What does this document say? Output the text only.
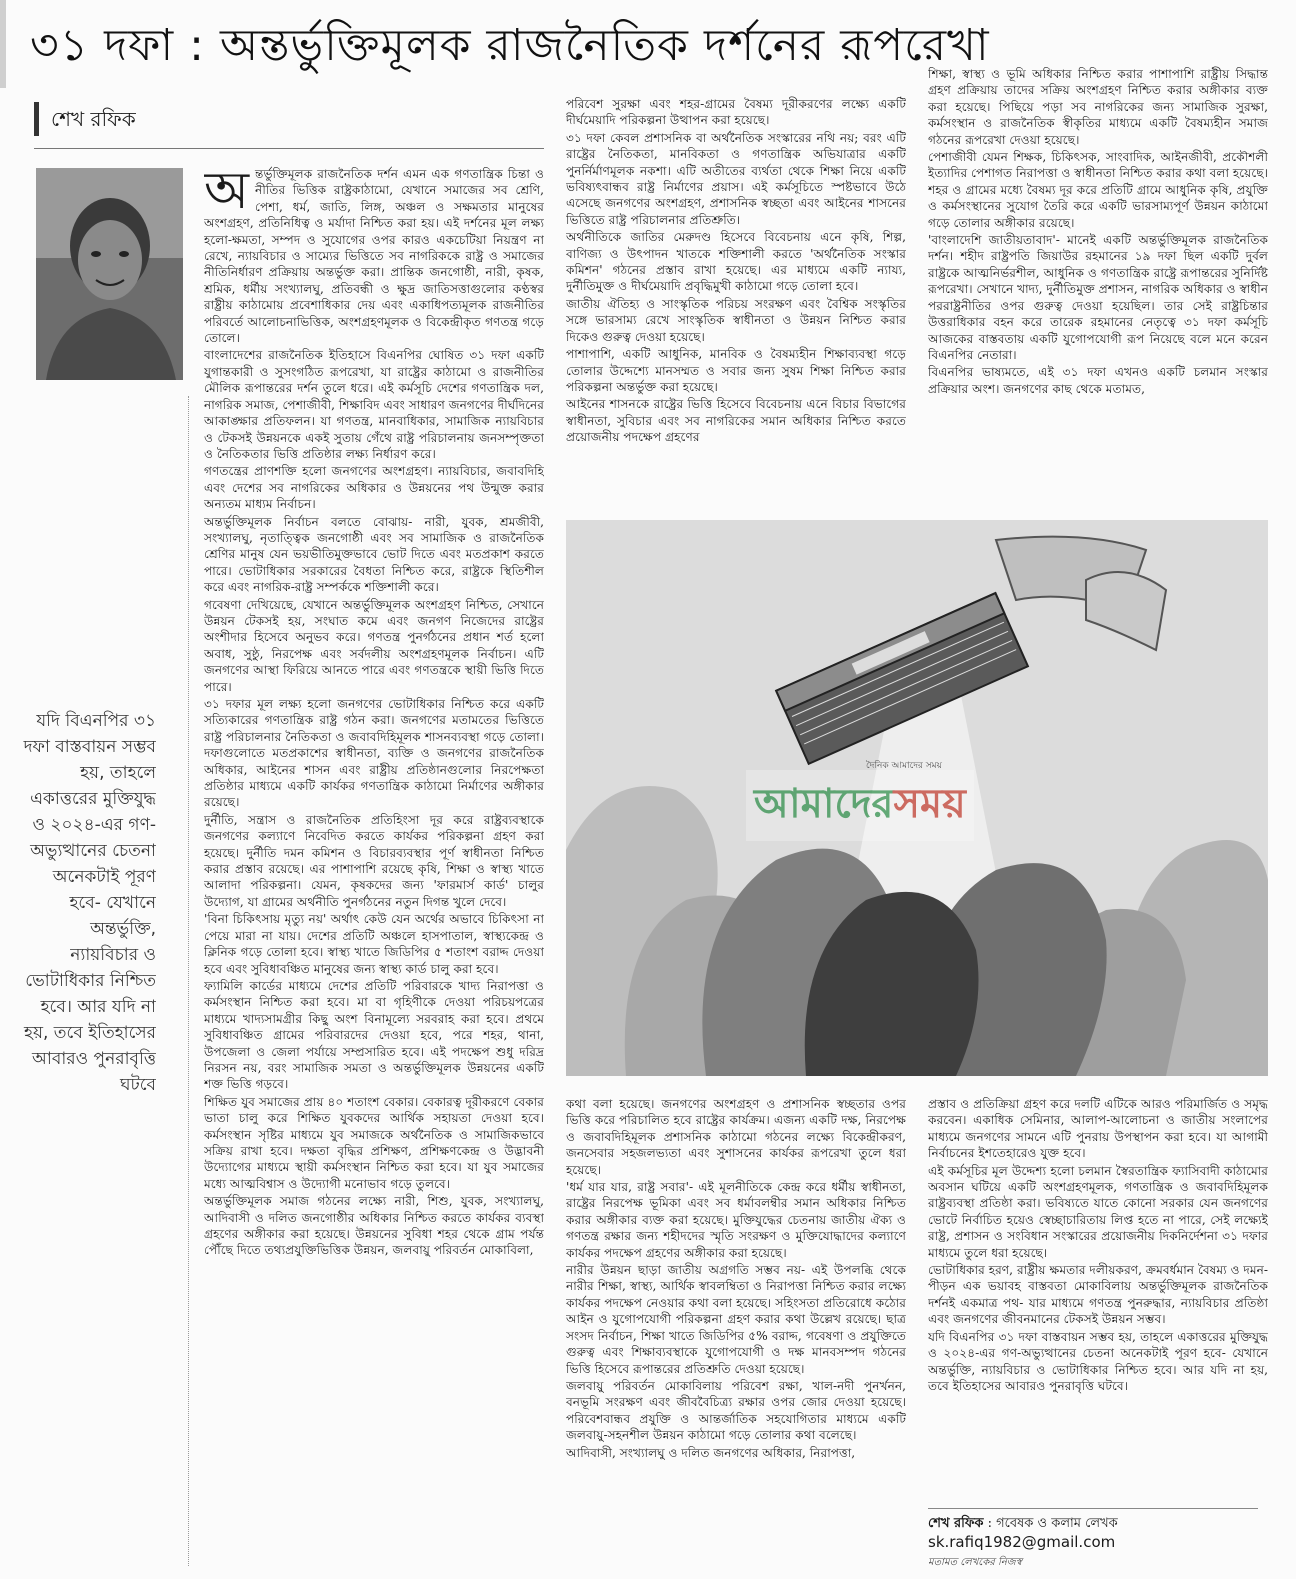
৩১ দফা : অন্তর্ভুক্তিমূলক রাজনৈতিক দর্শনের রূপরেখা
শেখ রফিক

অন্তর্ভুক্তিমূলক রাজনৈতিক দর্শন এমন এক গণতান্ত্রিক চিন্তা ও নীতির ভিত্তিক রাষ্ট্রকাঠামো, যেখানে সমাজের সব শ্রেণি, পেশা, ধর্ম, জাতি, লিঙ্গ, অঞ্চল ও সক্ষমতার মানুষের অংশগ্রহণ, প্রতিনিধিত্ব ও মর্যাদা নিশ্চিত করা হয়। এই দর্শনের মূল লক্ষ্য হলো-ক্ষমতা, সম্পদ ও সুযোগের ওপর কারও একচেটিয়া নিয়ন্ত্রণ না রেখে, ন্যায়বিচার ও সাম্যের ভিত্তিতে সব নাগরিককে রাষ্ট্র ও সমাজের নীতিনির্ধারণ প্রক্রিয়ায় অন্তর্ভুক্ত করা। প্রান্তিক জনগোষ্ঠী, নারী, কৃষক, শ্রমিক, ধর্মীয় সংখ্যালঘু, প্রতিবন্ধী ও ক্ষুদ্র জাতিসত্তাগুলোর কণ্ঠস্বর রাষ্ট্রীয় কাঠামোয় প্রবেশাধিকার দেয় এবং একাধিপত্যমূলক রাজনীতির পরিবর্তে আলোচনাভিত্তিক, অংশগ্রহণমূলক ও বিকেন্দ্রীকৃত গণতন্ত্র গড়ে তোলে।

বাংলাদেশের রাজনৈতিক ইতিহাসে বিএনপির ঘোষিত ৩১ দফা একটি যুগান্তকারী ও সুসংগঠিত রূপরেখা, যা রাষ্ট্রের কাঠামো ও রাজনীতির মৌলিক রূপান্তরের দর্শন তুলে ধরে। এই কর্মসূচি দেশের গণতান্ত্রিক দল, নাগরিক সমাজ, পেশাজীবী, শিক্ষাবিদ এবং সাধারণ জনগণের দীর্ঘদিনের আকাঙ্ক্ষার প্রতিফলন। যা গণতন্ত্র, মানবাধিকার, সামাজিক ন্যায়বিচার ও টেকসই উন্নয়নকে একই সুতায় গেঁথে রাষ্ট্র পরিচালনায় জনসম্পৃক্ততা ও নৈতিকতার ভিত্তি প্রতিষ্ঠার লক্ষ্য নির্ধারণ করে।

গণতন্ত্রের প্রাণশক্তি হলো জনগণের অংশগ্রহণ। ন্যায়বিচার, জবাবদিহি এবং দেশের সব নাগরিকের অধিকার ও উন্নয়নের পথ উন্মুক্ত করার অন্যতম মাধ্যম নির্বাচন।

অন্তর্ভুক্তিমূলক নির্বাচন বলতে বোঝায়- নারী, যুবক, শ্রমজীবী, সংখ্যালঘু, নৃতাত্ত্বিক জনগোষ্ঠী এবং সব সামাজিক ও রাজনৈতিক শ্রেণির মানুষ যেন ভয়ভীতিমুক্তভাবে ভোট দিতে এবং মতপ্রকাশ করতে পারে। ভোটাধিকার সরকারের বৈধতা নিশ্চিত করে, রাষ্ট্রকে স্থিতিশীল করে এবং নাগরিক-রাষ্ট্র সম্পর্ককে শক্তিশালী করে।

গবেষণা দেখিয়েছে, যেখানে অন্তর্ভুক্তিমূলক অংশগ্রহণ নিশ্চিত, সেখানে উন্নয়ন টেকসই হয়, সংঘাত কমে এবং জনগণ নিজেদের রাষ্ট্রের অংশীদার হিসেবে অনুভব করে। গণতন্ত্র পুনর্গঠনের প্রধান শর্ত হলো অবাধ, সুষ্ঠু, নিরপেক্ষ এবং সর্বদলীয় অংশগ্রহণমূলক নির্বাচন। এটি জনগণের আস্থা ফিরিয়ে আনতে পারে এবং গণতন্ত্রকে স্থায়ী ভিত্তি দিতে পারে।

৩১ দফার মূল লক্ষ্য হলো জনগণের ভোটাধিকার নিশ্চিত করে একটি সত্যিকারের গণতান্ত্রিক রাষ্ট্র গঠন করা। জনগণের মতামতের ভিত্তিতে রাষ্ট্র পরিচালনার নৈতিকতা ও জবাবদিহিমূলক শাসনব্যবস্থা গড়ে তোলা। দফাগুলোতে মতপ্রকাশের স্বাধীনতা, ব্যক্তি ও জনগণের রাজনৈতিক অধিকার, আইনের শাসন এবং রাষ্ট্রীয় প্রতিষ্ঠানগুলোর নিরপেক্ষতা প্রতিষ্ঠার মাধ্যমে একটি কার্যকর গণতান্ত্রিক কাঠামো নির্মাণের অঙ্গীকার রয়েছে।

দুর্নীতি, সন্ত্রাস ও রাজনৈতিক প্রতিহিংসা দূর করে রাষ্ট্রব্যবস্থাকে জনগণের কল্যাণে নিবেদিত করতে কার্যকর পরিকল্পনা গ্রহণ করা হয়েছে। দুর্নীতি দমন কমিশন ও বিচারব্যবস্থার পূর্ণ স্বাধীনতা নিশ্চিত করার প্রস্তাব রয়েছে। এর পাশাপাশি রয়েছে কৃষি, শিক্ষা ও স্বাস্থ্য খাতে আলাদা পরিকল্পনা। যেমন, কৃষকদের জন্য 'ফারমার্স কার্ড' চালুর উদ্যোগ, যা গ্রামের অর্থনীতি পুনর্গঠনের নতুন দিগন্ত খুলে দেবে।

'বিনা চিকিৎসায় মৃত্যু নয়' অর্থাৎ কেউ যেন অর্থের অভাবে চিকিৎসা না পেয়ে মারা না যায়। দেশের প্রতিটি অঞ্চলে হাসপাতাল, স্বাস্থ্যকেন্দ্র ও ক্লিনিক গড়ে তোলা হবে। স্বাস্থ্য খাতে জিডিপির ৫ শতাংশ বরাদ্দ দেওয়া হবে এবং সুবিধাবঞ্চিত মানুষের জন্য স্বাস্থ্য কার্ড চালু করা হবে।

ফ্যামিলি কার্ডের মাধ্যমে দেশের প্রতিটি পরিবারকে খাদ্য নিরাপত্তা ও কর্মসংস্থান নিশ্চিত করা হবে। মা বা গৃহিণীকে দেওয়া পরিচয়পত্রের মাধ্যমে খাদ্যসামগ্রীর কিছু অংশ বিনামূল্যে সরবরাহ করা হবে। প্রথমে সুবিধাবঞ্চিত গ্রামের পরিবারদের দেওয়া হবে, পরে শহর, থানা, উপজেলা ও জেলা পর্যায়ে সম্প্রসারিত হবে। এই পদক্ষেপ শুধু দরিদ্র নিরসন নয়, বরং সামাজিক সমতা ও অন্তর্ভুক্তিমূলক উন্নয়নের একটি শক্ত ভিত্তি গড়বে।

শিক্ষিত যুব সমাজের প্রায় ৪০ শতাংশ বেকার। বেকারত্ব দূরীকরণে বেকার ভাতা চালু করে শিক্ষিত যুবকদের আর্থিক সহায়তা দেওয়া হবে। কর্মসংস্থান সৃষ্টির মাধ্যমে যুব সমাজকে অর্থনৈতিক ও সামাজিকভাবে সক্রিয় রাখা হবে। দক্ষতা বৃদ্ধির প্রশিক্ষণ, প্রশিক্ষণকেন্দ্র ও উদ্ভাবনী উদ্যোগের মাধ্যমে স্থায়ী কর্মসংস্থান নিশ্চিত করা হবে। যা যুব সমাজের মধ্যে আত্মবিশ্বাস ও উদ্যোগী মনোভাব গড়ে তুলবে।

অন্তর্ভুক্তিমূলক সমাজ গঠনের লক্ষ্যে নারী, শিশু, যুবক, সংখ্যালঘু, আদিবাসী ও দলিত জনগোষ্ঠীর অধিকার নিশ্চিত করতে কার্যকর ব্যবস্থা গ্রহণের অঙ্গীকার করা হয়েছে। উন্নয়নের সুবিধা শহর থেকে গ্রাম পর্যন্ত পৌঁছে দিতে তথ্যপ্রযুক্তিভিত্তিক উন্নয়ন, জলবায়ু পরিবর্তন মোকাবিলা,

যদি বিএনপির ৩১ দফা বাস্তবায়ন সম্ভব হয়, তাহলে একাত্তরের মুক্তিযুদ্ধ ও ২০২৪-এর গণ-অভ্যুত্থানের চেতনা অনেকটাই পূরণ হবে- যেখানে অন্তর্ভুক্তি, ন্যায়বিচার ও ভোটাধিকার নিশ্চিত হবে। আর যদি না হয়, তবে ইতিহাসের আবারও পুনরাবৃত্তি ঘটবে

পরিবেশ সুরক্ষা এবং শহর-গ্রামের বৈষম্য দূরীকরণের লক্ষ্যে একটি দীর্ঘমেয়াদি পরিকল্পনা উত্থাপন করা হয়েছে।

৩১ দফা কেবল প্রশাসনিক বা অর্থনৈতিক সংস্কারের নথি নয়; বরং এটি রাষ্ট্রের নৈতিকতা, মানবিকতা ও গণতান্ত্রিক অভিযাত্রার একটি পুনর্নির্মাণমূলক নকশা। এটি অতীতের ব্যর্থতা থেকে শিক্ষা নিয়ে একটি ভবিষ্যৎবান্ধব রাষ্ট্র নির্মাণের প্রয়াস। এই কর্মসূচিতে স্পষ্টভাবে উঠে এসেছে জনগণের অংশগ্রহণ, প্রশাসনিক স্বচ্ছতা এবং আইনের শাসনের ভিত্তিতে রাষ্ট্র পরিচালনার প্রতিশ্রুতি।

অর্থনীতিকে জাতির মেরুদণ্ড হিসেবে বিবেচনায় এনে কৃষি, শিল্প, বাণিজ্য ও উৎপাদন খাতকে শক্তিশালী করতে 'অর্থনৈতিক সংস্কার কমিশন' গঠনের প্রস্তাব রাখা হয়েছে। এর মাধ্যমে একটি ন্যায্য, দুর্নীতিমুক্ত ও দীর্ঘমেয়াদি প্রবৃদ্ধিমুখী কাঠামো গড়ে তোলা হবে।

জাতীয় ঐতিহ্য ও সাংস্কৃতিক পরিচয় সংরক্ষণ এবং বৈশ্বিক সংস্কৃতির সঙ্গে ভারসাম্য রেখে সাংস্কৃতিক স্বাধীনতা ও উন্নয়ন নিশ্চিত করার দিকেও গুরুত্ব দেওয়া হয়েছে।

পাশাপাশি, একটি আধুনিক, মানবিক ও বৈষম্যহীন শিক্ষাব্যবস্থা গড়ে তোলার উদ্দেশ্যে মানসম্মত ও সবার জন্য সুষম শিক্ষা নিশ্চিত করার পরিকল্পনা অন্তর্ভুক্ত করা হয়েছে।

আইনের শাসনকে রাষ্ট্রের ভিত্তি হিসেবে বিবেচনায় এনে বিচার বিভাগের স্বাধীনতা, সুবিচার এবং সব নাগরিকের সমান অধিকার নিশ্চিত করতে প্রয়োজনীয় পদক্ষেপ গ্রহণের

শিক্ষা, স্বাস্থ্য ও ভূমি অধিকার নিশ্চিত করার পাশাপাশি রাষ্ট্রীয় সিদ্ধান্ত গ্রহণ প্রক্রিয়ায় তাদের সক্রিয় অংশগ্রহণ নিশ্চিত করার অঙ্গীকার ব্যক্ত করা হয়েছে। পিছিয়ে পড়া সব নাগরিকের জন্য সামাজিক সুরক্ষা, কর্মসংস্থান ও রাজনৈতিক স্বীকৃতির মাধ্যমে একটি বৈষম্যহীন সমাজ গঠনের রূপরেখা দেওয়া হয়েছে।

পেশাজীবী যেমন শিক্ষক, চিকিৎসক, সাংবাদিক, আইনজীবী, প্রকৌশলী ইত্যাদির পেশাগত নিরাপত্তা ও স্বাধীনতা নিশ্চিত করার কথা বলা হয়েছে। শহর ও গ্রামের মধ্যে বৈষম্য দূর করে প্রতিটি গ্রামে আধুনিক কৃষি, প্রযুক্তি ও কর্মসংস্থানের সুযোগ তৈরি করে একটি ভারসাম্যপূর্ণ উন্নয়ন কাঠামো গড়ে তোলার অঙ্গীকার রয়েছে।

'বাংলাদেশি জাতীয়তাবাদ'- মানেই একটি অন্তর্ভুক্তিমূলক রাজনৈতিক দর্শন। শহীদ রাষ্ট্রপতি জিয়াউর রহমানের ১৯ দফা ছিল একটি দুর্বল রাষ্ট্রকে আত্মনির্ভরশীল, আধুনিক ও গণতান্ত্রিক রাষ্ট্রে রূপান্তরের সুনির্দিষ্ট রূপরেখা। সেখানে খাদ্য, দুর্নীতিমুক্ত প্রশাসন, নাগরিক অধিকার ও স্বাধীন পররাষ্ট্রনীতির ওপর গুরুত্ব দেওয়া হয়েছিল। তার সেই রাষ্ট্রচিন্তার উত্তরাধিকার বহন করে তারেক রহমানের নেতৃত্বে ৩১ দফা কর্মসূচি আজকের বাস্তবতায় একটি যুগোপযোগী রূপ নিয়েছে বলে মনে করেন বিএনপির নেতারা।

বিএনপির ভাষ্যমতে, এই ৩১ দফা এখনও একটি চলমান সংস্কার প্রক্রিয়ার অংশ। জনগণের কাছ থেকে মতামত,

দৈনিক আমাদের সময়
আমাদেরসময়

কথা বলা হয়েছে। জনগণের অংশগ্রহণ ও প্রশাসনিক স্বচ্ছতার ওপর ভিত্তি করে পরিচালিত হবে রাষ্ট্রের কার্যক্রম। এজন্য একটি দক্ষ, নিরপেক্ষ ও জবাবদিহিমূলক প্রশাসনিক কাঠামো গঠনের লক্ষ্যে বিকেন্দ্রীকরণ, জনসেবার সহজলভ্যতা এবং সুশাসনের কার্যকর রূপরেখা তুলে ধরা হয়েছে।

'ধর্ম যার যার, রাষ্ট্র সবার'- এই মূলনীতিকে কেন্দ্র করে ধর্মীয় স্বাধীনতা, রাষ্ট্রের নিরপেক্ষ ভূমিকা এবং সব ধর্মাবলম্বীর সমান অধিকার নিশ্চিত করার অঙ্গীকার ব্যক্ত করা হয়েছে। মুক্তিযুদ্ধের চেতনায় জাতীয় ঐক্য ও গণতন্ত্র রক্ষার জন্য শহীদদের স্মৃতি সংরক্ষণ ও মুক্তিযোদ্ধাদের কল্যাণে কার্যকর পদক্ষেপ গ্রহণের অঙ্গীকার করা হয়েছে।

নারীর উন্নয়ন ছাড়া জাতীয় অগ্রগতি সম্ভব নয়- এই উপলব্ধি থেকে নারীর শিক্ষা, স্বাস্থ্য, আর্থিক স্বাবলম্বিতা ও নিরাপত্তা নিশ্চিত করার লক্ষ্যে কার্যকর পদক্ষেপ নেওয়ার কথা বলা হয়েছে। সহিংসতা প্রতিরোধে কঠোর আইন ও যুগোপযোগী পরিকল্পনা গ্রহণ করার কথা উল্লেখ রয়েছে। ছাত্র সংসদ নির্বাচন, শিক্ষা খাতে জিডিপির ৫% বরাদ্দ, গবেষণা ও প্রযুক্তিতে গুরুত্ব এবং শিক্ষাব্যবস্থাকে যুগোপযোগী ও দক্ষ মানবসম্পদ গঠনের ভিত্তি হিসেবে রূপান্তরের প্রতিশ্রুতি দেওয়া হয়েছে।

জলবায়ু পরিবর্তন মোকাবিলায় পরিবেশ রক্ষা, খাল-নদী পুনর্খনন, বনভূমি সংরক্ষণ এবং জীববৈচিত্র্য রক্ষার ওপর জোর দেওয়া হয়েছে। পরিবেশবান্ধব প্রযুক্তি ও আন্তর্জাতিক সহযোগিতার মাধ্যমে একটি জলবায়ু-সহনশীল উন্নয়ন কাঠামো গড়ে তোলার কথা বলেছে।

আদিবাসী, সংখ্যালঘু ও দলিত জনগণের অধিকার, নিরাপত্তা,

প্রস্তাব ও প্রতিক্রিয়া গ্রহণ করে দলটি এটিকে আরও পরিমার্জিত ও সমৃদ্ধ করবেন। একাধিক সেমিনার, আলাপ-আলোচনা ও জাতীয় সংলাপের মাধ্যমে জনগণের সামনে এটি পুনরায় উপস্থাপন করা হবে। যা আগামী নির্বাচনের ইশতেহারেও যুক্ত হবে।

এই কর্মসূচির মূল উদ্দেশ্য হলো চলমান স্বৈরতান্ত্রিক ফ্যাসিবাদী কাঠামোর অবসান ঘটিয়ে একটি অংশগ্রহণমূলক, গণতান্ত্রিক ও জবাবদিহিমূলক রাষ্ট্রব্যবস্থা প্রতিষ্ঠা করা। ভবিষ্যতে যাতে কোনো সরকার যেন জনগণের ভোটে নির্বাচিত হয়েও স্বেচ্ছাচারিতায় লিপ্ত হতে না পারে, সেই লক্ষ্যেই রাষ্ট্র, প্রশাসন ও সংবিধান সংস্কারের প্রয়োজনীয় দিকনির্দেশনা ৩১ দফার মাধ্যমে তুলে ধরা হয়েছে।

ভোটাধিকার হরণ, রাষ্ট্রীয় ক্ষমতার দলীয়করণ, ক্রমবর্ধমান বৈষম্য ও দমন-পীড়ন এক ভয়াবহ বাস্তবতা মোকাবিলায় অন্তর্ভুক্তিমূলক রাজনৈতিক দর্শনই একমাত্র পথ- যার মাধ্যমে গণতন্ত্র পুনরুদ্ধার, ন্যায়বিচার প্রতিষ্ঠা এবং জনগণের জীবনমানের টেকসই উন্নয়ন সম্ভব।

যদি বিএনপির ৩১ দফা বাস্তবায়ন সম্ভব হয়, তাহলে একাত্তরের মুক্তিযুদ্ধ ও ২০২৪-এর গণ-অভ্যুত্থানের চেতনা অনেকটাই পূরণ হবে- যেখানে অন্তর্ভুক্তি, ন্যায়বিচার ও ভোটাধিকার নিশ্চিত হবে। আর যদি না হয়, তবে ইতিহাসের আবারও পুনরাবৃত্তি ঘটবে।

শেখ রফিক : গবেষক ও কলাম লেখক
sk.rafiq1982@gmail.com
মতামত লেখকের নিজস্ব
